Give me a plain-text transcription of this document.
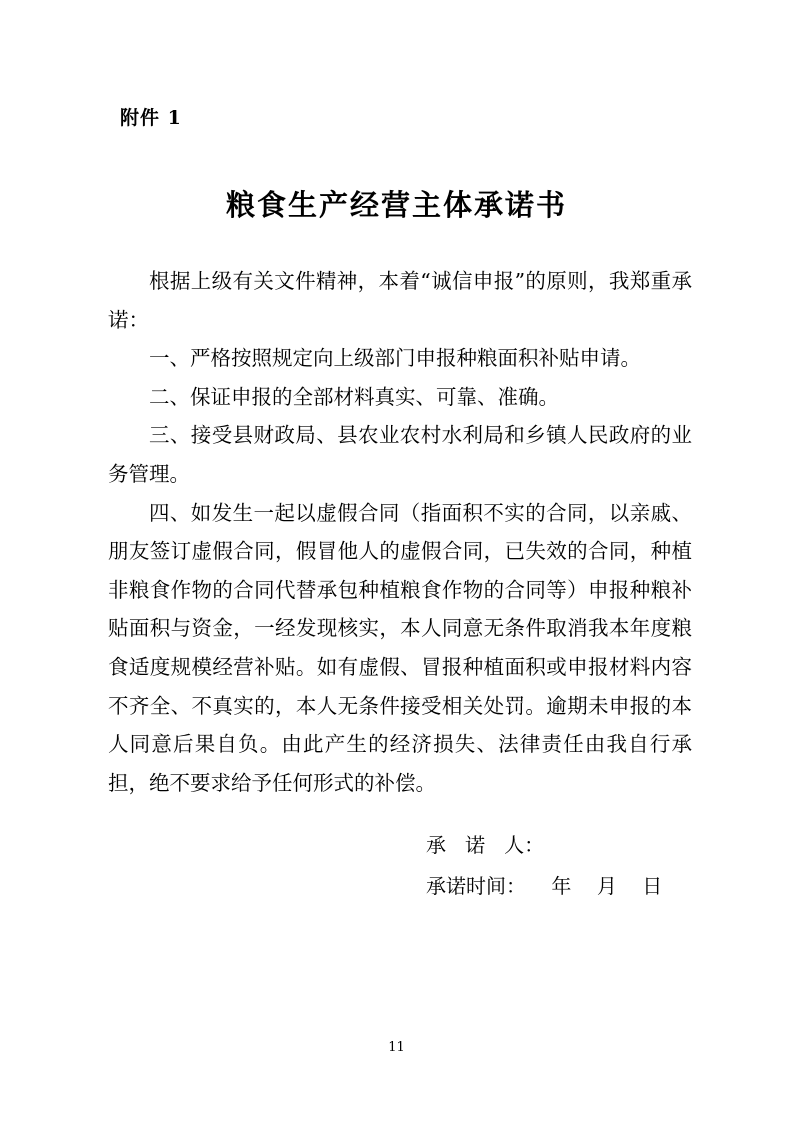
附件 1
粮食生产经营主体承诺书

根据上级有关文件精神，本着“诚信申报”的原则，我郑重承诺：

一、严格按照规定向上级部门申报种粮面积补贴申请。

二、保证申报的全部材料真实、可靠、准确。

三、接受县财政局、县农业农村水利局和乡镇人民政府的业务管理。

四、如发生一起以虚假合同（指面积不实的合同，以亲戚、朋友签订虚假合同，假冒他人的虚假合同，已失效的合同，种植非粮食作物的合同代替承包种植粮食作物的合同等）申报种粮补贴面积与资金，一经发现核实，本人同意无条件取消我本年度粮食适度规模经营补贴。如有虚假、冒报种植面积或申报材料内容不齐全、不真实的，本人无条件接受相关处罚。逾期未申报的本人同意后果自负。由此产生的经济损失、法律责任由我自行承担，绝不要求给予任何形式的补偿。

承   诺   人：
承诺时间：    年    月    日
11
